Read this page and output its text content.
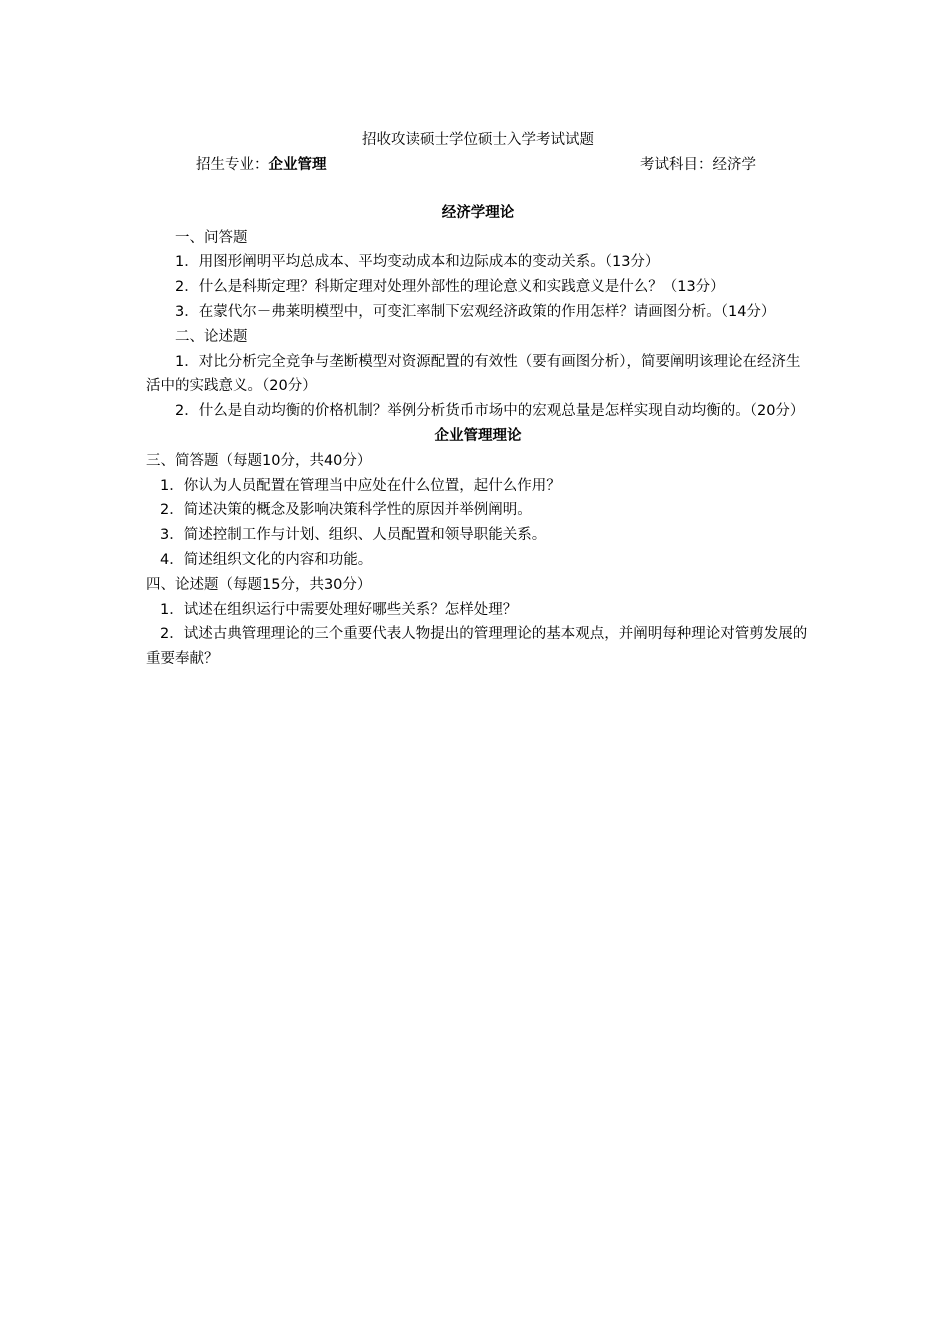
招收攻读硕士学位硕士入学考试试题

招生专业：企业管理	考试科目：经济学

经济学理论

一、问答题

1．用图形阐明平均总成本、平均变动成本和边际成本的变动关系。（13分）

2．什么是科斯定理？科斯定理对处理外部性的理论意义和实践意义是什么？（13分）

3．在蒙代尔－弗莱明模型中，可变汇率制下宏观经济政策的作用怎样？请画图分析。（14分）

二、论述题

1．对比分析完全竞争与垄断模型对资源配置的有效性（要有画图分析），简要阐明该理论在经济生活中的实践意义。（20分）

2．什么是自动均衡的价格机制？举例分析货币市场中的宏观总量是怎样实现自动均衡的。（20分）

企业管理理论

三、简答题（每题10分，共40分）

1．你认为人员配置在管理当中应处在什么位置，起什么作用？

2．简述决策的概念及影响决策科学性的原因并举例阐明。

3．简述控制工作与计划、组织、人员配置和领导职能关系。

4．简述组织文化的内容和功能。

四、论述题（每题15分，共30分）

1．试述在组织运行中需要处理好哪些关系？怎样处理？

2．试述古典管理理论的三个重要代表人物提出的管理理论的基本观点，并阐明每种理论对管剪发展的重要奉献？
